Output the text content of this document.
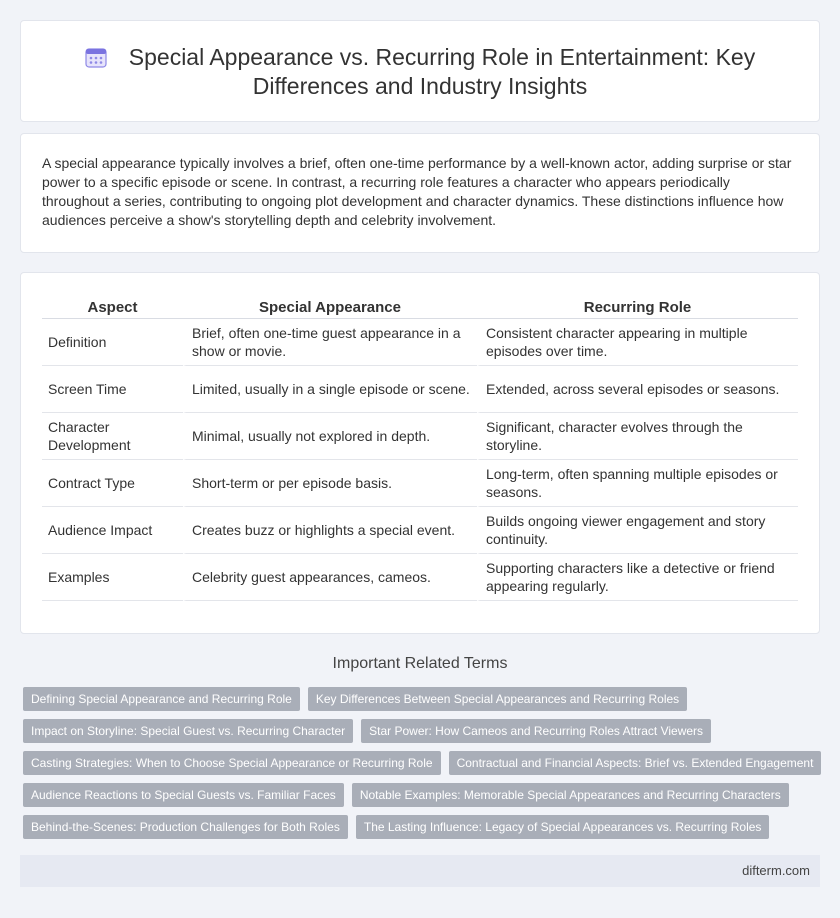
Special Appearance vs. Recurring Role in Entertainment: Key Differences and Industry Insights
A special appearance typically involves a brief, often one-time performance by a well-known actor, adding surprise or star power to a specific episode or scene. In contrast, a recurring role features a character who appears periodically throughout a series, contributing to ongoing plot development and character dynamics. These distinctions influence how audiences perceive a show's storytelling depth and celebrity involvement.
Aspect	Special Appearance	Recurring Role
Definition	Brief, often one-time guest appearance in a show or movie.	Consistent character appearing in multiple episodes over time.
Screen Time	Limited, usually in a single episode or scene.	Extended, across several episodes or seasons.
Character Development	Minimal, usually not explored in depth.	Significant, character evolves through the storyline.
Contract Type	Short-term or per episode basis.	Long-term, often spanning multiple episodes or seasons.
Audience Impact	Creates buzz or highlights a special event.	Builds ongoing viewer engagement and story continuity.
Examples	Celebrity guest appearances, cameos.	Supporting characters like a detective or friend appearing regularly.
Important Related Terms
Defining Special Appearance and Recurring Role	Key Differences Between Special Appearances and Recurring Roles
Impact on Storyline: Special Guest vs. Recurring Character	Star Power: How Cameos and Recurring Roles Attract Viewers
Casting Strategies: When to Choose Special Appearance or Recurring Role	Contractual and Financial Aspects: Brief vs. Extended Engagement
Audience Reactions to Special Guests vs. Familiar Faces	Notable Examples: Memorable Special Appearances and Recurring Characters
Behind-the-Scenes: Production Challenges for Both Roles	The Lasting Influence: Legacy of Special Appearances vs. Recurring Roles
difterm.com
